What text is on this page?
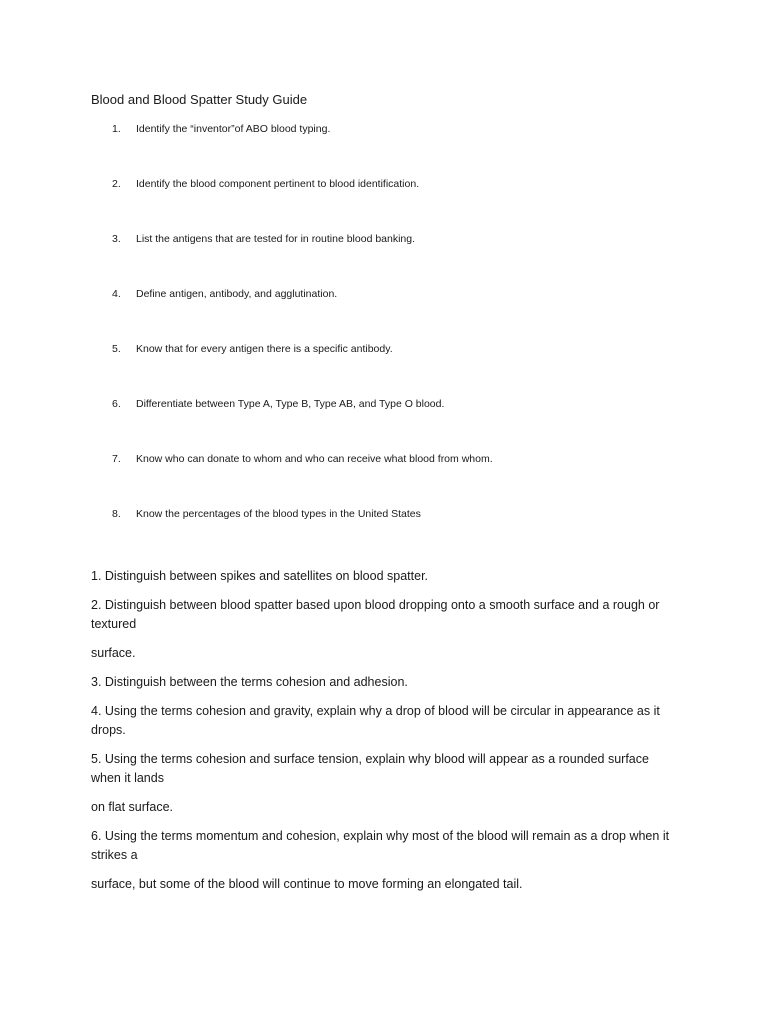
Blood and Blood Spatter Study Guide
1. Identify the “inventor”of ABO blood typing.
2. Identify the blood component pertinent to blood identification.
3. List the antigens that are tested for in routine blood banking.
4. Define antigen, antibody, and agglutination.
5. Know that for every antigen there is a specific antibody.
6. Differentiate between Type A, Type B, Type AB, and Type O blood.
7. Know who can donate to whom and who can receive what blood from whom.
8. Know the percentages of the blood types in the United States
1. Distinguish between spikes and satellites on blood spatter.
2. Distinguish between blood spatter based upon blood dropping onto a smooth surface and a rough or textured
surface.
3. Distinguish between the terms cohesion and adhesion.
4. Using the terms cohesion and gravity, explain why a drop of blood will be circular in appearance as it drops.
5. Using the terms cohesion and surface tension, explain why blood will appear as a rounded surface when it lands
on flat surface.
6. Using the terms momentum and cohesion, explain why most of the blood will remain as a drop when it strikes a
surface, but some of the blood will continue to move forming an elongated tail.
